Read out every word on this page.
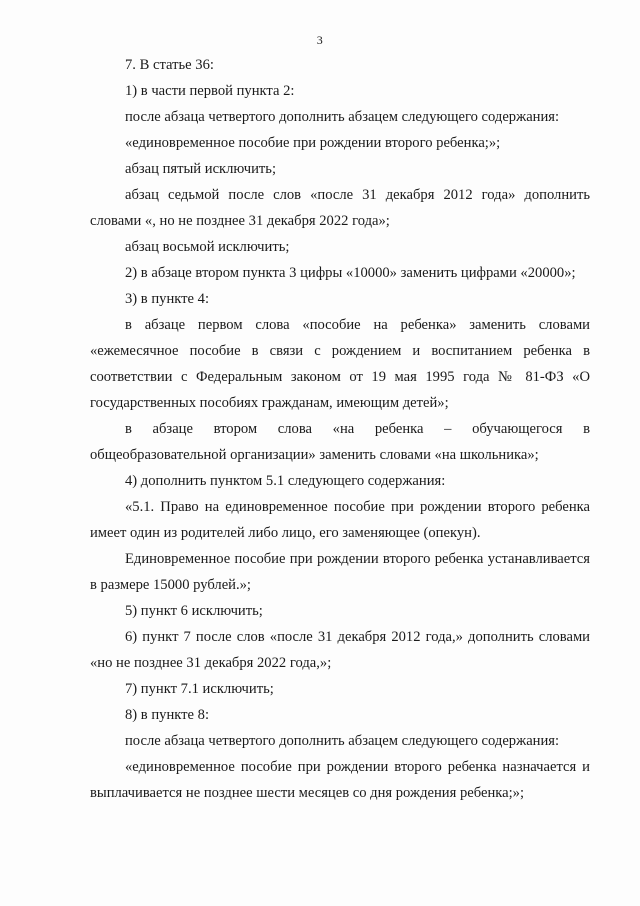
3

7. В статье 36:

1) в части первой пункта 2:

после абзаца четвертого дополнить абзацем следующего содержания:

«единовременное пособие при рождении второго ребенка;»;

абзац пятый исключить;

абзац седьмой после слов «после 31 декабря 2012 года» дополнить словами «, но не позднее 31 декабря 2022 года»;

абзац восьмой исключить;

2) в абзаце втором пункта 3 цифры «10000» заменить цифрами «20000»;

3) в пункте 4:

в абзаце первом слова «пособие на ребенка» заменить словами «ежемесячное пособие в связи с рождением и воспитанием ребенка в соответствии с Федеральным законом от 19 мая 1995 года № 81-ФЗ «О государственных пособиях гражданам, имеющим детей»;

в абзаце втором слова «на ребенка – обучающегося в общеобразовательной организации» заменить словами «на школьника»;

4) дополнить пунктом 5.1 следующего содержания:

«5.1. Право на единовременное пособие при рождении второго ребенка имеет один из родителей либо лицо, его заменяющее (опекун).

Единовременное пособие при рождении второго ребенка устанавливается в размере 15000 рублей.»;

5) пункт 6 исключить;

6) пункт 7 после слов «после 31 декабря 2012 года,» дополнить словами «но не позднее 31 декабря 2022 года,»;

7) пункт 7.1 исключить;

8) в пункте 8:

после абзаца четвертого дополнить абзацем следующего содержания:

«единовременное пособие при рождении второго ребенка назначается и выплачивается не позднее шести месяцев со дня рождения ребенка;»;
